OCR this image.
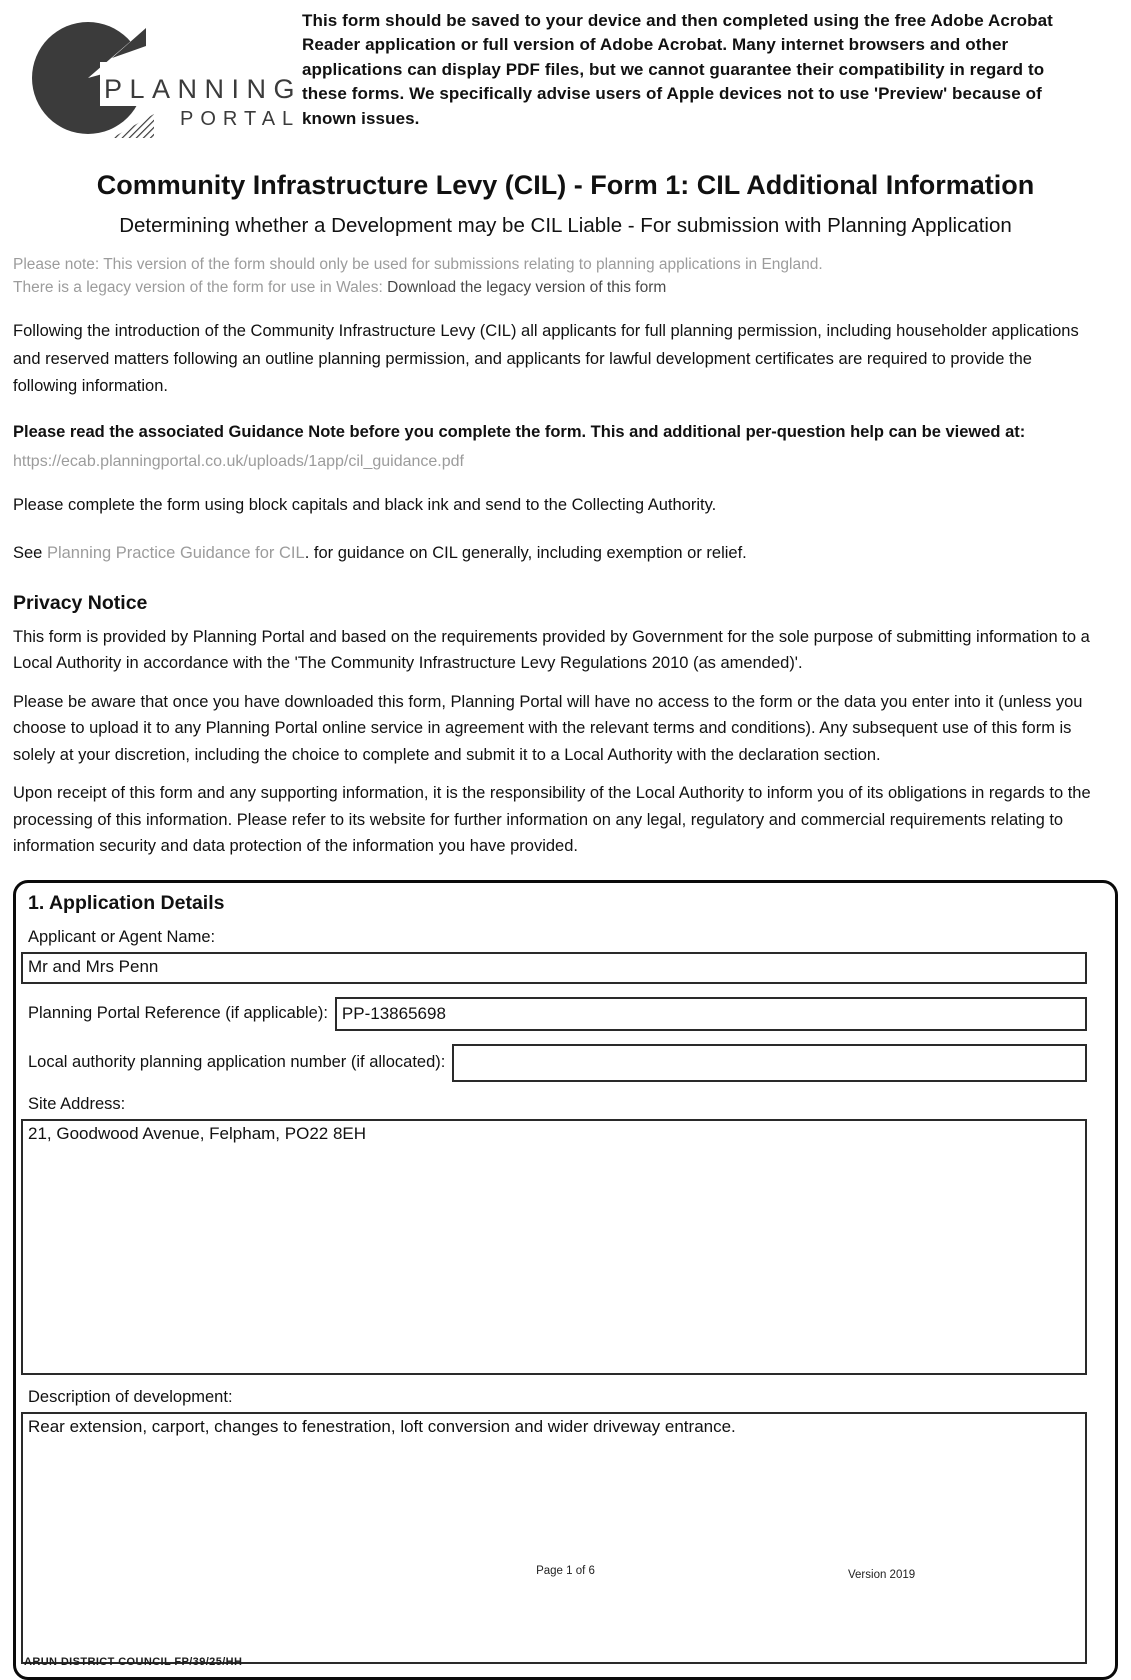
PLANNING
PORTAL
This form should be saved to your device and then completed using the free Adobe Acrobat Reader application or full version of Adobe Acrobat. Many internet browsers and other applications can display PDF files, but we cannot guarantee their compatibility in regard to these forms. We specifically advise users of Apple devices not to use 'Preview' because of known issues.
Community Infrastructure Levy (CIL) - Form 1: CIL Additional Information
Determining whether a Development may be CIL Liable - For submission with Planning Application
Please note: This version of the form should only be used for submissions relating to planning applications in England.
There is a legacy version of the form for use in Wales: Download the legacy version of this form
Following the introduction of the Community Infrastructure Levy (CIL) all applicants for full planning permission, including householder applications and reserved matters following an outline planning permission, and applicants for lawful development certificates are required to provide the following information.
Please read the associated Guidance Note before you complete the form. This and additional per-question help can be viewed at:
https://ecab.planningportal.co.uk/uploads/1app/cil_guidance.pdf
Please complete the form using block capitals and black ink and send to the Collecting Authority.
See Planning Practice Guidance for CIL. for guidance on CIL generally, including exemption or relief.
Privacy Notice
This form is provided by Planning Portal and based on the requirements provided by Government for the sole purpose of submitting information to a Local Authority in accordance with the 'The Community Infrastructure Levy Regulations 2010 (as amended)'.
Please be aware that once you have downloaded this form, Planning Portal will have no access to the form or the data you enter into it (unless you choose to upload it to any Planning Portal online service in agreement with the relevant terms and conditions). Any subsequent use of this form is solely at your discretion, including the choice to complete and submit it to a Local Authority with the declaration section.
Upon receipt of this form and any supporting information, it is the responsibility of the Local Authority to inform you of its obligations in regards to the processing of this information. Please refer to its website for further information on any legal, regulatory and commercial requirements relating to information security and data protection of the information you have provided.
1. Application Details
Applicant or Agent Name:
Mr and Mrs Penn
Planning Portal Reference (if applicable): PP-13865698
Local authority planning application number (if allocated):
Site Address:
21, Goodwood Avenue, Felpham, PO22 8EH
Description of development:
Rear extension, carport, changes to fenestration, loft conversion and wider driveway entrance.
ARUN DISTRICT COUNCIL FP/39/25/HH
Page 1 of 6	Version 2019
